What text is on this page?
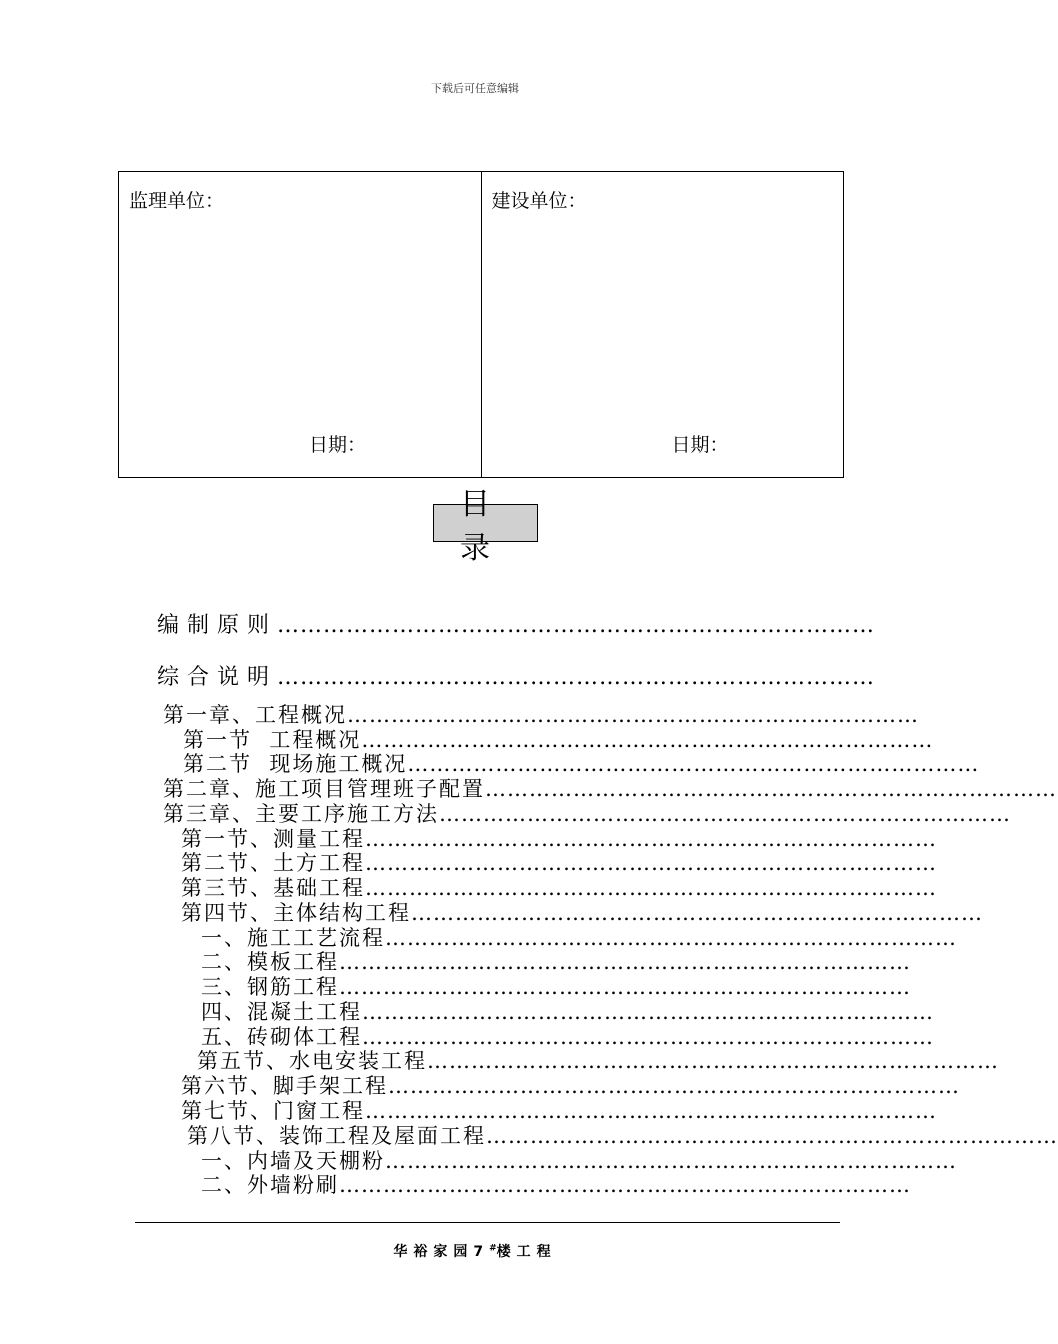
下载后可任意编辑
监理单位：
日期：
建设单位：
日期：
目 录
编制原则 ……………………………………………………………………
综合说明 ……………………………………………………………………
第一章、工程概况 ……………………………………………………………………
第一节  工程概况 ……………………………………………………………………
第二节  现场施工概况 ……………………………………………………………………
第二章、施工项目管理班子配置 ……………………………………………………………………
第三章、主要工序施工方法 ……………………………………………………………………
第一节、测量工程 ……………………………………………………………………
第二节、土方工程 ……………………………………………………………………
第三节、基础工程 ……………………………………………………………………
第四节、主体结构工程 ……………………………………………………………………
一、施工工艺流程 ……………………………………………………………………
二、模板工程 ……………………………………………………………………
三、钢筋工程 ……………………………………………………………………
四、混凝土工程 ……………………………………………………………………
五、砖砌体工程 ……………………………………………………………………
第五节、水电安装工程 ……………………………………………………………………
第六节、脚手架工程 ……………………………………………………………………
第七节、门窗工程 ……………………………………………………………………
第八节、装饰工程及屋面工程 ……………………………………………………………………
一、内墙及天棚粉 ……………………………………………………………………
二、外墙粉刷 ……………………………………………………………………
华裕家园7#楼工程
